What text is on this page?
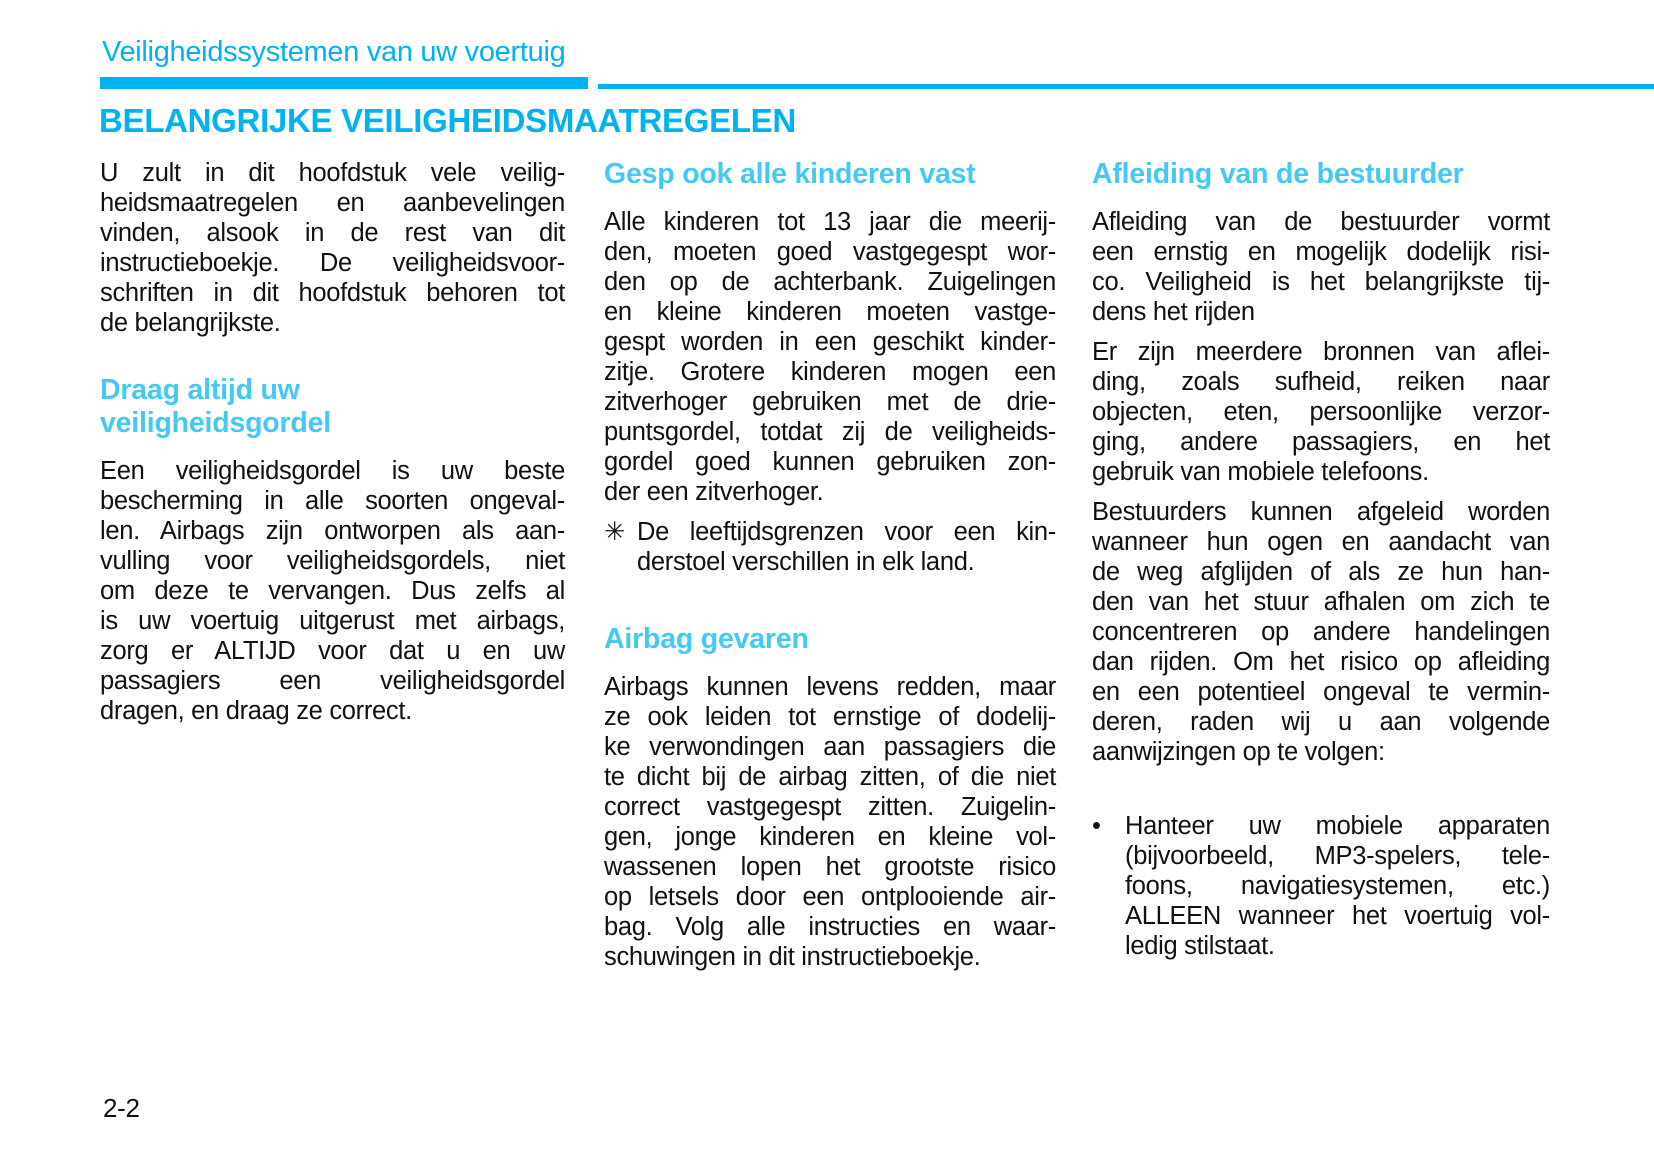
Veiligheidssystemen van uw voertuig
BELANGRIJKE VEILIGHEIDSMAATREGELEN
U zult in dit hoofdstuk vele veilig-
heidsmaatregelen en aanbevelingen
vinden, alsook in de rest van dit
instructieboekje. De veiligheidsvoor-
schriften in dit hoofdstuk behoren tot
de belangrijkste.
Draag altijd uw
veiligheidsgordel
Een veiligheidsgordel is uw beste
bescherming in alle soorten ongeval-
len. Airbags zijn ontworpen als aan-
vulling voor veiligheidsgordels, niet
om deze te vervangen. Dus zelfs al
is uw voertuig uitgerust met airbags,
zorg er ALTIJD voor dat u en uw
passagiers een veiligheidsgordel
dragen, en draag ze correct.
Gesp ook alle kinderen vast
Alle kinderen tot 13 jaar die meerij-
den, moeten goed vastgegespt wor-
den op de achterbank. Zuigelingen
en kleine kinderen moeten vastge-
gespt worden in een geschikt kinder-
zitje. Grotere kinderen mogen een
zitverhoger gebruiken met de drie-
puntsgordel, totdat zij de veiligheids-
gordel goed kunnen gebruiken zon-
der een zitverhoger.
✳ De leeftijdsgrenzen voor een kin-
derstoel verschillen in elk land.
Airbag gevaren
Airbags kunnen levens redden, maar
ze ook leiden tot ernstige of dodelij-
ke verwondingen aan passagiers die
te dicht bij de airbag zitten, of die niet
correct vastgegespt zitten. Zuigelin-
gen, jonge kinderen en kleine vol-
wassenen lopen het grootste risico
op letsels door een ontplooiende air-
bag. Volg alle instructies en waar-
schuwingen in dit instructieboekje.
Afleiding van de bestuurder
Afleiding van de bestuurder vormt
een ernstig en mogelijk dodelijk risi-
co. Veiligheid is het belangrijkste tij-
dens het rijden
Er zijn meerdere bronnen van aflei-
ding, zoals sufheid, reiken naar
objecten, eten, persoonlijke verzor-
ging, andere passagiers, en het
gebruik van mobiele telefoons.
Bestuurders kunnen afgeleid worden
wanneer hun ogen en aandacht van
de weg afglijden of als ze hun han-
den van het stuur afhalen om zich te
concentreren op andere handelingen
dan rijden. Om het risico op afleiding
en een potentieel ongeval te vermin-
deren, raden wij u aan volgende
aanwijzingen op te volgen:
• Hanteer uw mobiele apparaten
(bijvoorbeeld, MP3-spelers, tele-
foons, navigatiesystemen, etc.)
ALLEEN wanneer het voertuig vol-
ledig stilstaat.
2-2
